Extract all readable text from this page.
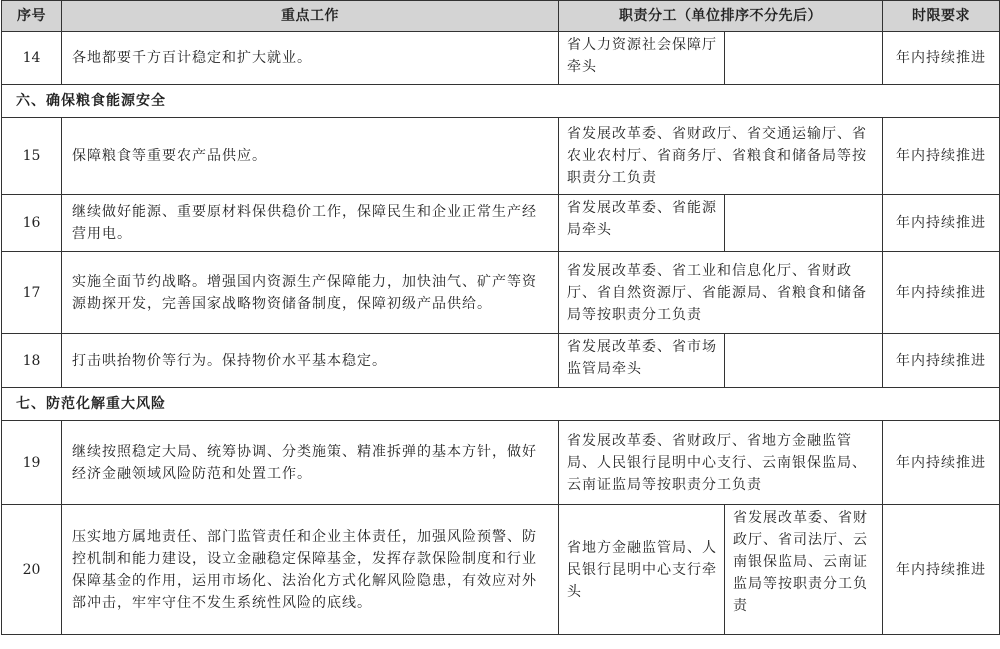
序号	重点工作	职责分工（单位排序不分先后）		时限要求
14	各地都要千方百计稳定和扩大就业。	省人力资源社会保障厅牵头		年内持续推进
六、确保粮食能源安全				
15	保障粮食等重要农产品供应。	省发展改革委、省财政厅、省交通运输厅、省农业农村厅、省商务厅、省粮食和储备局等按职责分工负责		年内持续推进
16	继续做好能源、重要原材料保供稳价工作，保障民生和企业正常生产经营用电。	省发展改革委、省能源局牵头		年内持续推进
17	实施全面节约战略。增强国内资源生产保障能力，加快油气、矿产等资源勘探开发，完善国家战略物资储备制度，保障初级产品供给。	省发展改革委、省工业和信息化厅、省财政厅、省自然资源厅、省能源局、省粮食和储备局等按职责分工负责		年内持续推进
18	打击哄抬物价等行为。保持物价水平基本稳定。	省发展改革委、省市场监管局牵头		年内持续推进
七、防范化解重大风险				
19	继续按照稳定大局、统筹协调、分类施策、精准拆弹的基本方针，做好经济金融领域风险防范和处置工作。	省发展改革委、省财政厅、省地方金融监管局、人民银行昆明中心支行、云南银保监局、云南证监局等按职责分工负责		年内持续推进
20	压实地方属地责任、部门监管责任和企业主体责任，加强风险预警、防控机制和能力建设，设立金融稳定保障基金，发挥存款保险制度和行业保障基金的作用，运用市场化、法治化方式化解风险隐患，有效应对外部冲击，牢牢守住不发生系统性风险的底线。	省地方金融监管局、人民银行昆明中心支行牵头	省发展改革委、省财政厅、省司法厅、云南银保监局、云南证监局等按职责分工负责	年内持续推进
